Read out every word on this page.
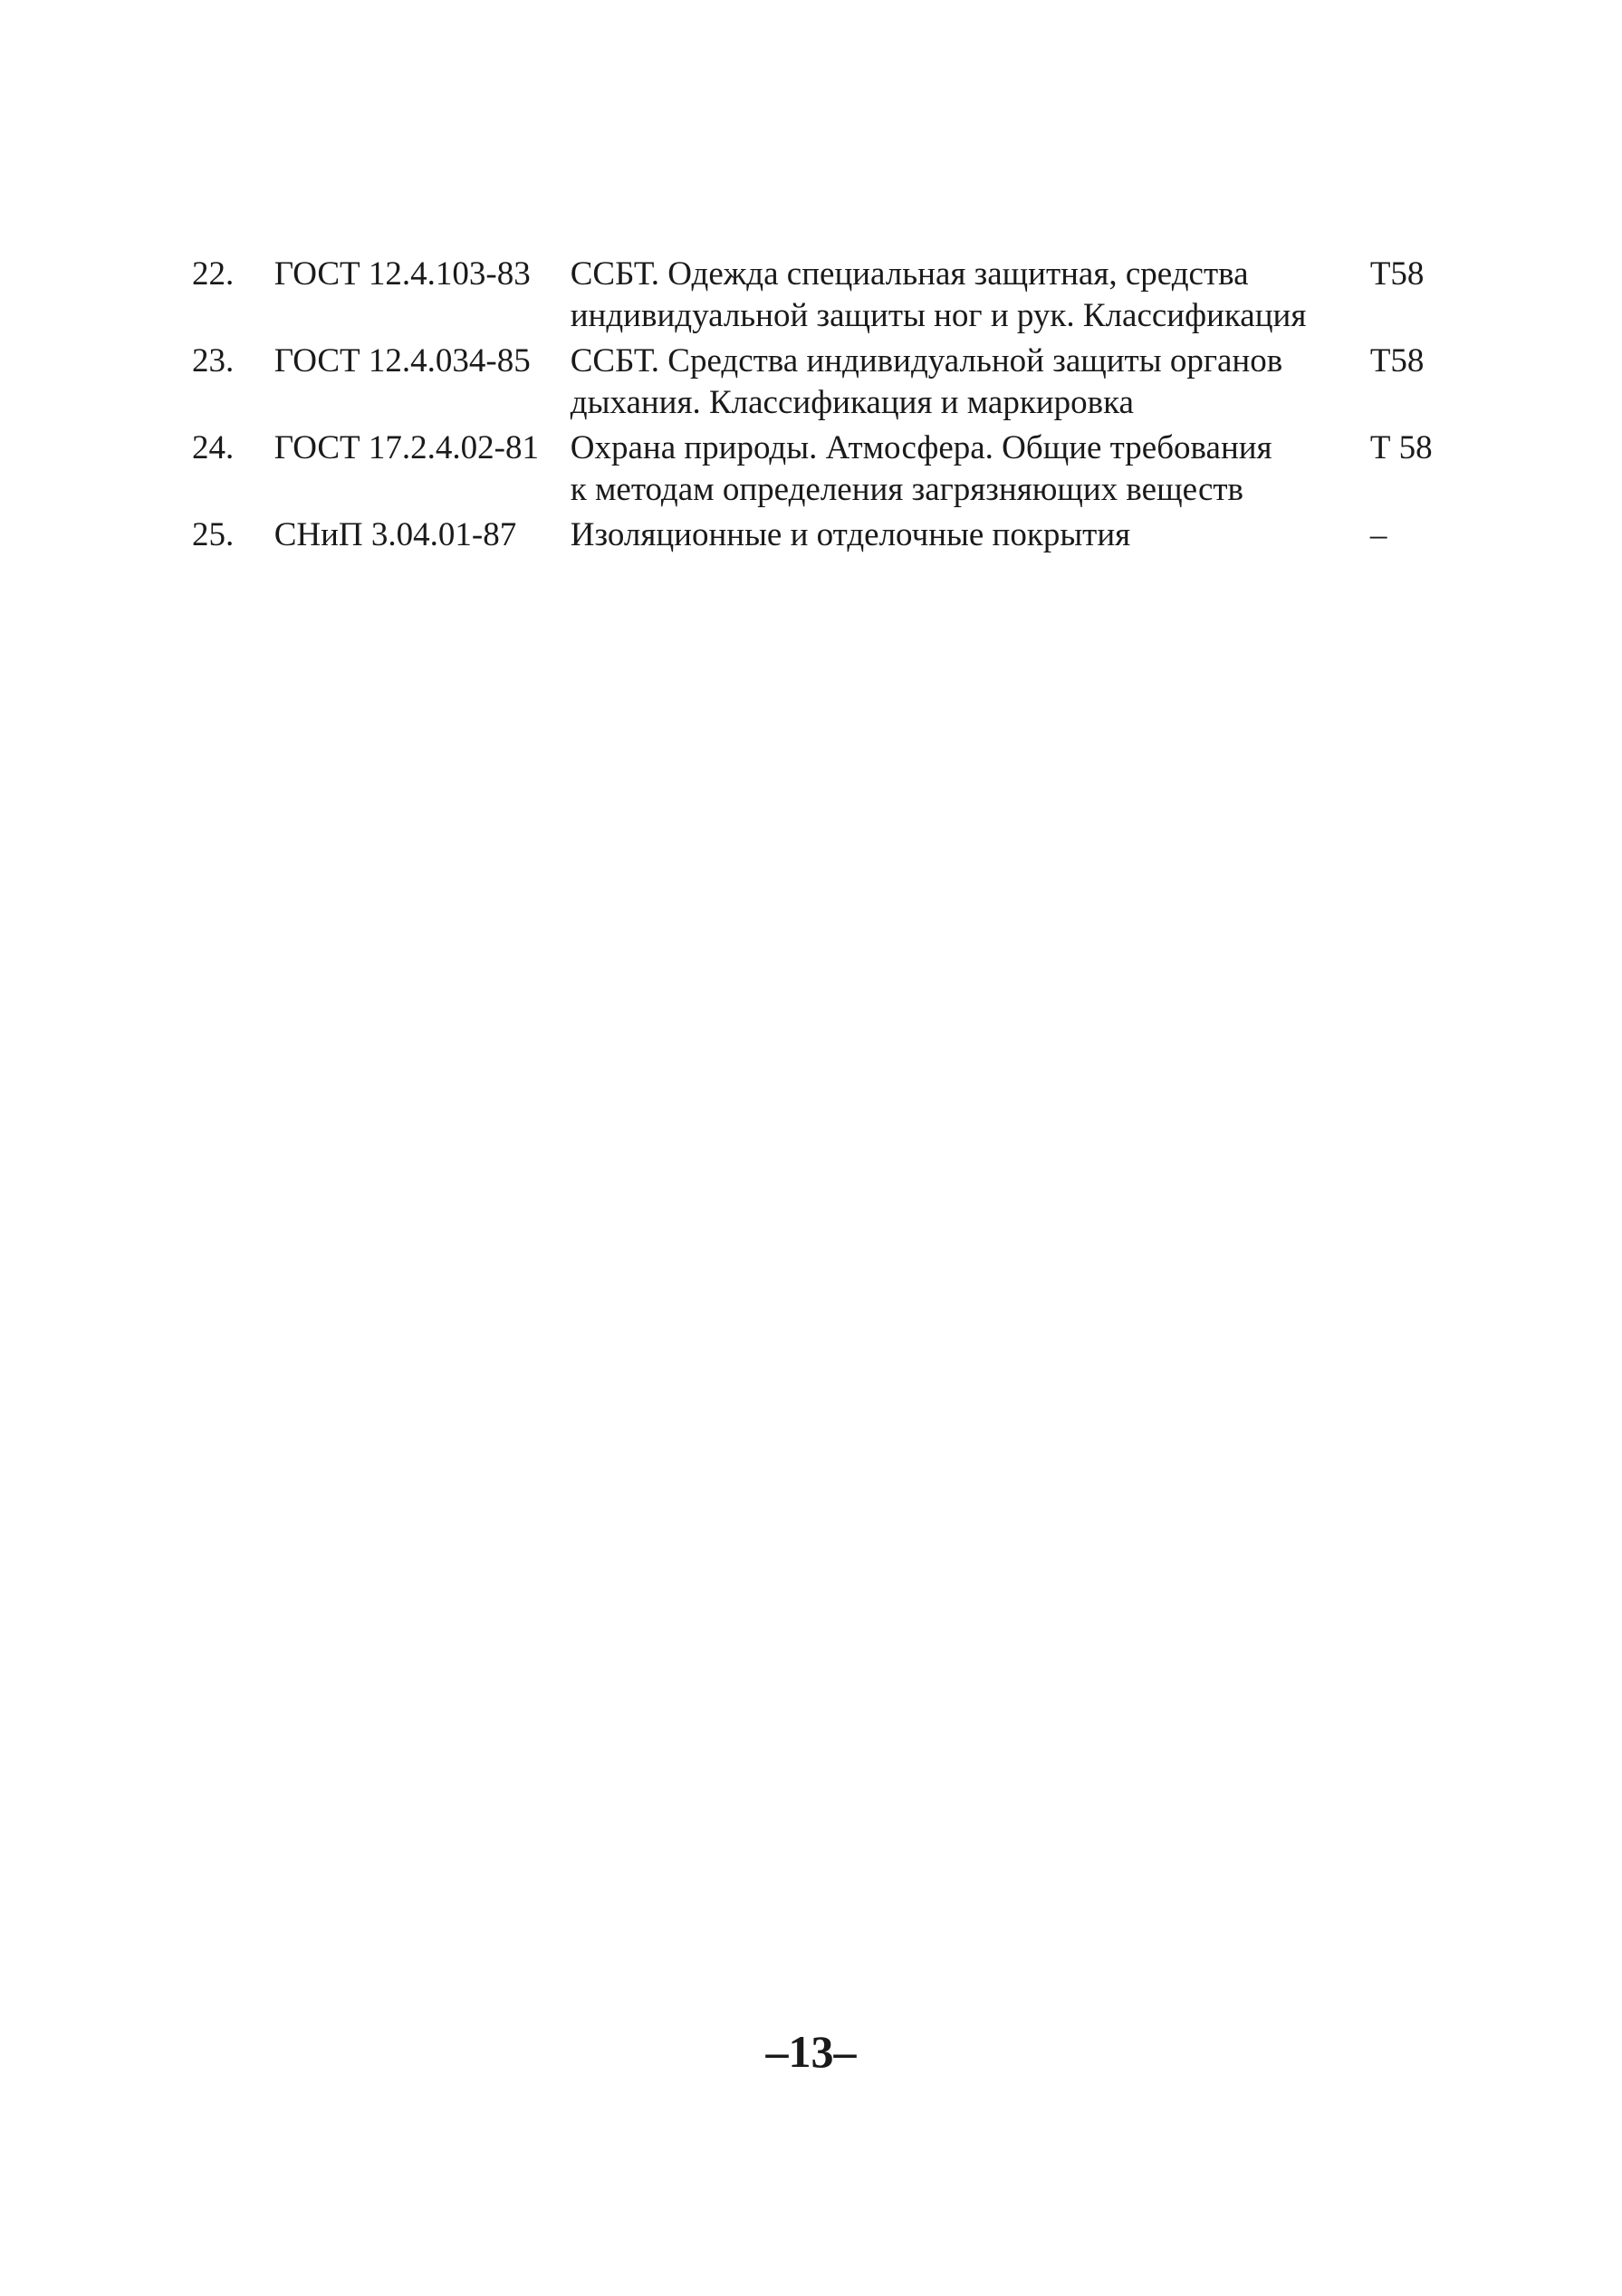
22.	ГОСТ 12.4.103-83	ССБТ. Одежда специальная защитная, средства
индивидуальной защиты ног и рук. Классификация	Т58
23.	ГОСТ 12.4.034-85	ССБТ. Средства индивидуальной защиты органов
дыхания. Классификация и маркировка	Т58
24.	ГОСТ 17.2.4.02-81	Охрана природы. Атмосфера. Общие требования
к методам определения загрязняющих веществ	Т 58
25.	СНиП 3.04.01-87	Изоляционные и отделочные покрытия	–
–13–
